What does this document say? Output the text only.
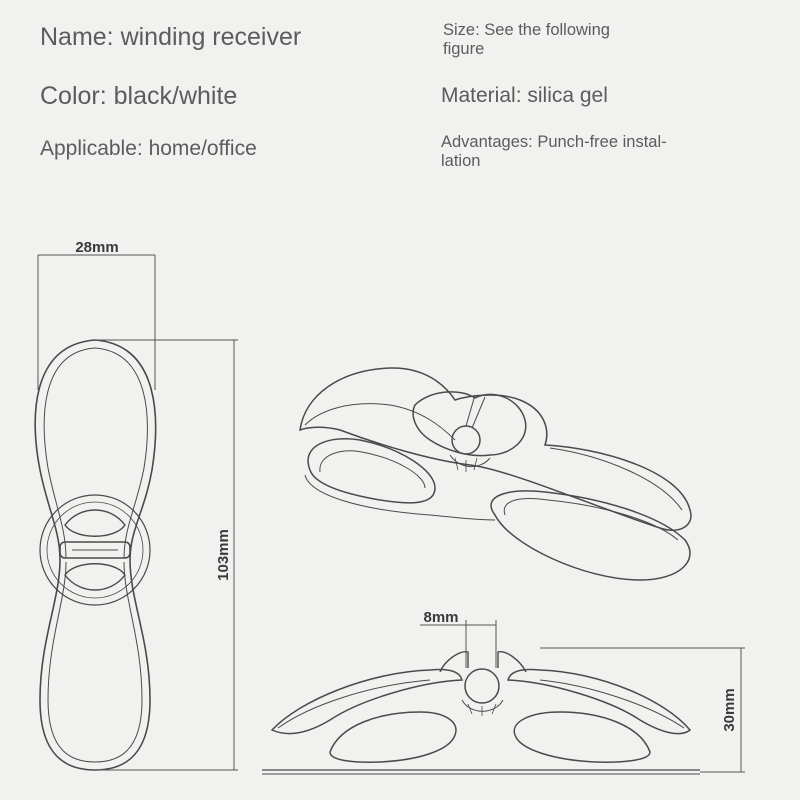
Name: winding receiver
Color: black/white
Applicable: home/office
Size: See the following figure
Material: silica gel
Advantages: Punch-free instal- lation
28mm
103mm
8mm
30mm
